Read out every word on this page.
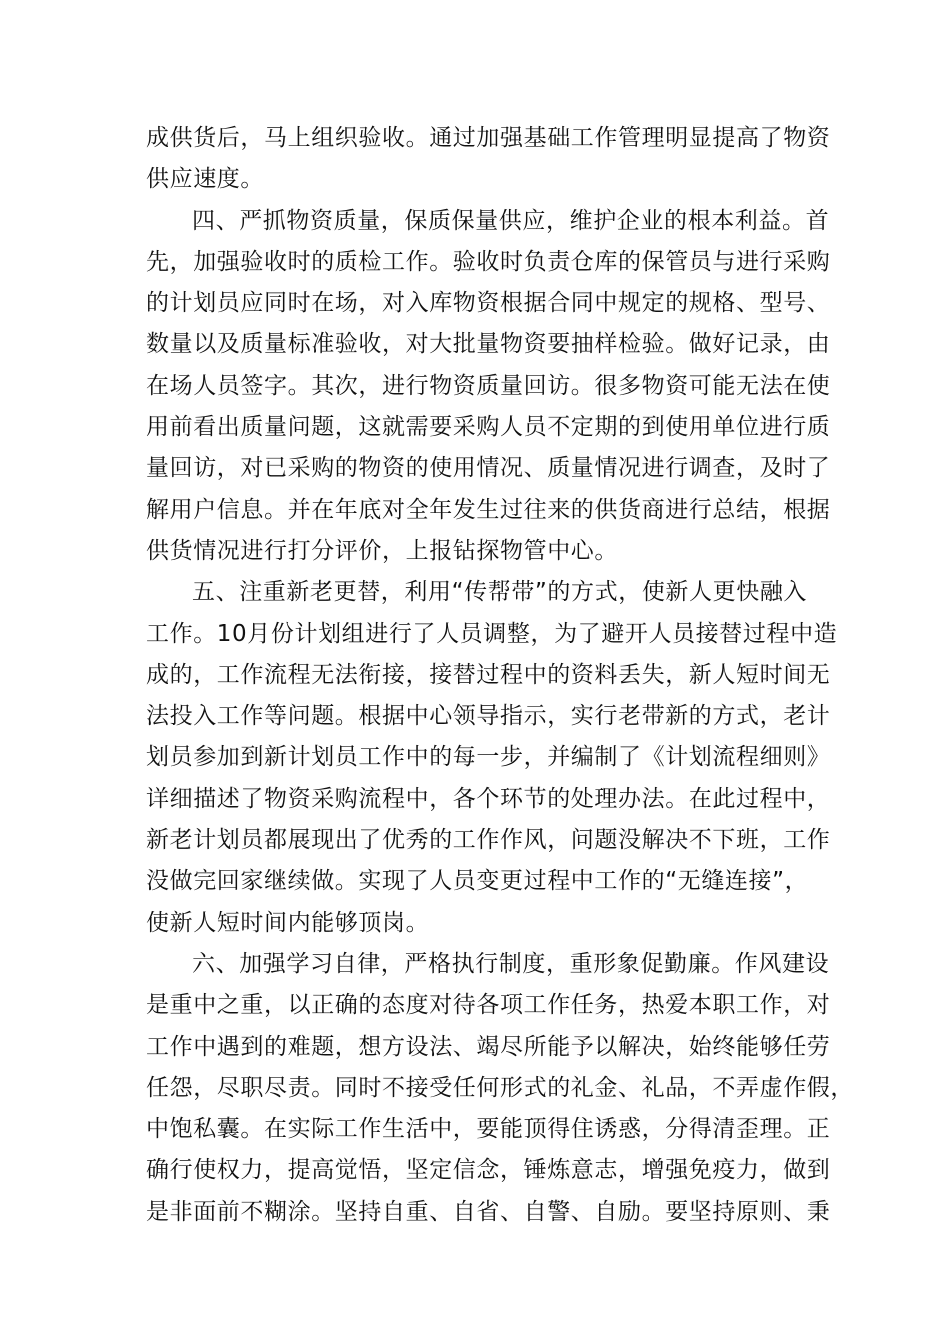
成供货后，马上组织验收。通过加强基础工作管理明显提高了物资
供应速度。
四、严抓物资质量，保质保量供应，维护企业的根本利益。首
先，加强验收时的质检工作。验收时负责仓库的保管员与进行采购
的计划员应同时在场，对入库物资根据合同中规定的规格、型号、
数量以及质量标准验收，对大批量物资要抽样检验。做好记录，由
在场人员签字。其次，进行物资质量回访。很多物资可能无法在使
用前看出质量问题，这就需要采购人员不定期的到使用单位进行质
量回访，对已采购的物资的使用情况、质量情况进行调查，及时了
解用户信息。并在年底对全年发生过往来的供货商进行总结，根据
供货情况进行打分评价，上报钻探物管中心。
五、注重新老更替，利用“传帮带”的方式，使新人更快融入
工作。10月份计划组进行了人员调整，为了避开人员接替过程中造
成的，工作流程无法衔接，接替过程中的资料丢失，新人短时间无
法投入工作等问题。根据中心领导指示，实行老带新的方式，老计
划员参加到新计划员工作中的每一步，并编制了《计划流程细则》
详细描述了物资采购流程中，各个环节的处理办法。在此过程中，
新老计划员都展现出了优秀的工作作风，问题没解决不下班，工作
没做完回家继续做。实现了人员变更过程中工作的“无缝连接”，
使新人短时间内能够顶岗。
六、加强学习自律，严格执行制度，重形象促勤廉。作风建设
是重中之重，以正确的态度对待各项工作任务，热爱本职工作，对
工作中遇到的难题，想方设法、竭尽所能予以解决，始终能够任劳
任怨，尽职尽责。同时不接受任何形式的礼金、礼品，不弄虚作假，
中饱私囊。在实际工作生活中，要能顶得住诱惑，分得清歪理。正
确行使权力，提高觉悟，坚定信念，锤炼意志，增强免疫力，做到
是非面前不糊涂。坚持自重、自省、自警、自励。要坚持原则、秉
